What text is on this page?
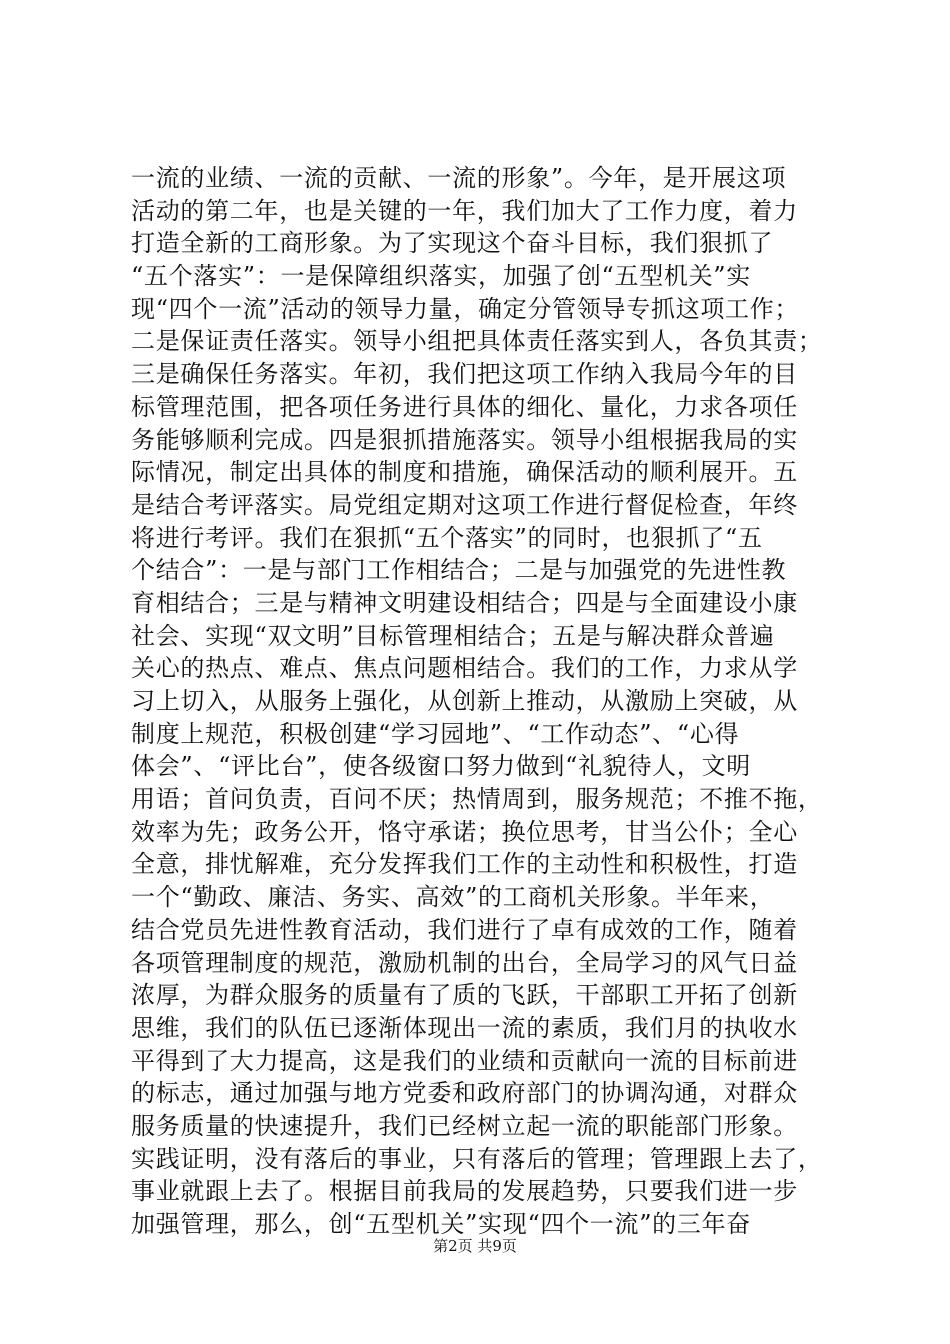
一流的业绩、一流的贡献、一流的形象”。今年，是开展这项
活动的第二年，也是关键的一年，我们加大了工作力度，着力
打造全新的工商形象。为了实现这个奋斗目标，我们狠抓了
“五个落实”：一是保障组织落实，加强了创“五型机关”实
现“四个一流”活动的领导力量，确定分管领导专抓这项工作；
二是保证责任落实。领导小组把具体责任落实到人，各负其责；
三是确保任务落实。年初，我们把这项工作纳入我局今年的目
标管理范围，把各项任务进行具体的细化、量化，力求各项任
务能够顺利完成。四是狠抓措施落实。领导小组根据我局的实
际情况，制定出具体的制度和措施，确保活动的顺利展开。五
是结合考评落实。局党组定期对这项工作进行督促检查，年终
将进行考评。我们在狠抓“五个落实”的同时，也狠抓了“五
个结合”：一是与部门工作相结合；二是与加强党的先进性教
育相结合；三是与精神文明建设相结合；四是与全面建设小康
社会、实现“双文明”目标管理相结合；五是与解决群众普遍
关心的热点、难点、焦点问题相结合。我们的工作，力求从学
习上切入，从服务上强化，从创新上推动，从激励上突破，从
制度上规范，积极创建“学习园地”、“工作动态”、“心得
体会”、“评比台”，使各级窗口努力做到“礼貌待人，文明
用语；首问负责，百问不厌；热情周到，服务规范；不推不拖，
效率为先；政务公开，恪守承诺；换位思考，甘当公仆；全心
全意，排忧解难，充分发挥我们工作的主动性和积极性，打造
一个“勤政、廉洁、务实、高效”的工商机关形象。半年来，
结合党员先进性教育活动，我们进行了卓有成效的工作，随着
各项管理制度的规范，激励机制的出台，全局学习的风气日益
浓厚，为群众服务的质量有了质的飞跃，干部职工开拓了创新
思维，我们的队伍已逐渐体现出一流的素质，我们月的执收水
平得到了大力提高，这是我们的业绩和贡献向一流的目标前进
的标志，通过加强与地方党委和政府部门的协调沟通，对群众
服务质量的快速提升，我们已经树立起一流的职能部门形象。
实践证明，没有落后的事业，只有落后的管理；管理跟上去了，
事业就跟上去了。根据目前我局的发展趋势，只要我们进一步
加强管理，那么，创“五型机关”实现“四个一流”的三年奋
第2页 共9页
